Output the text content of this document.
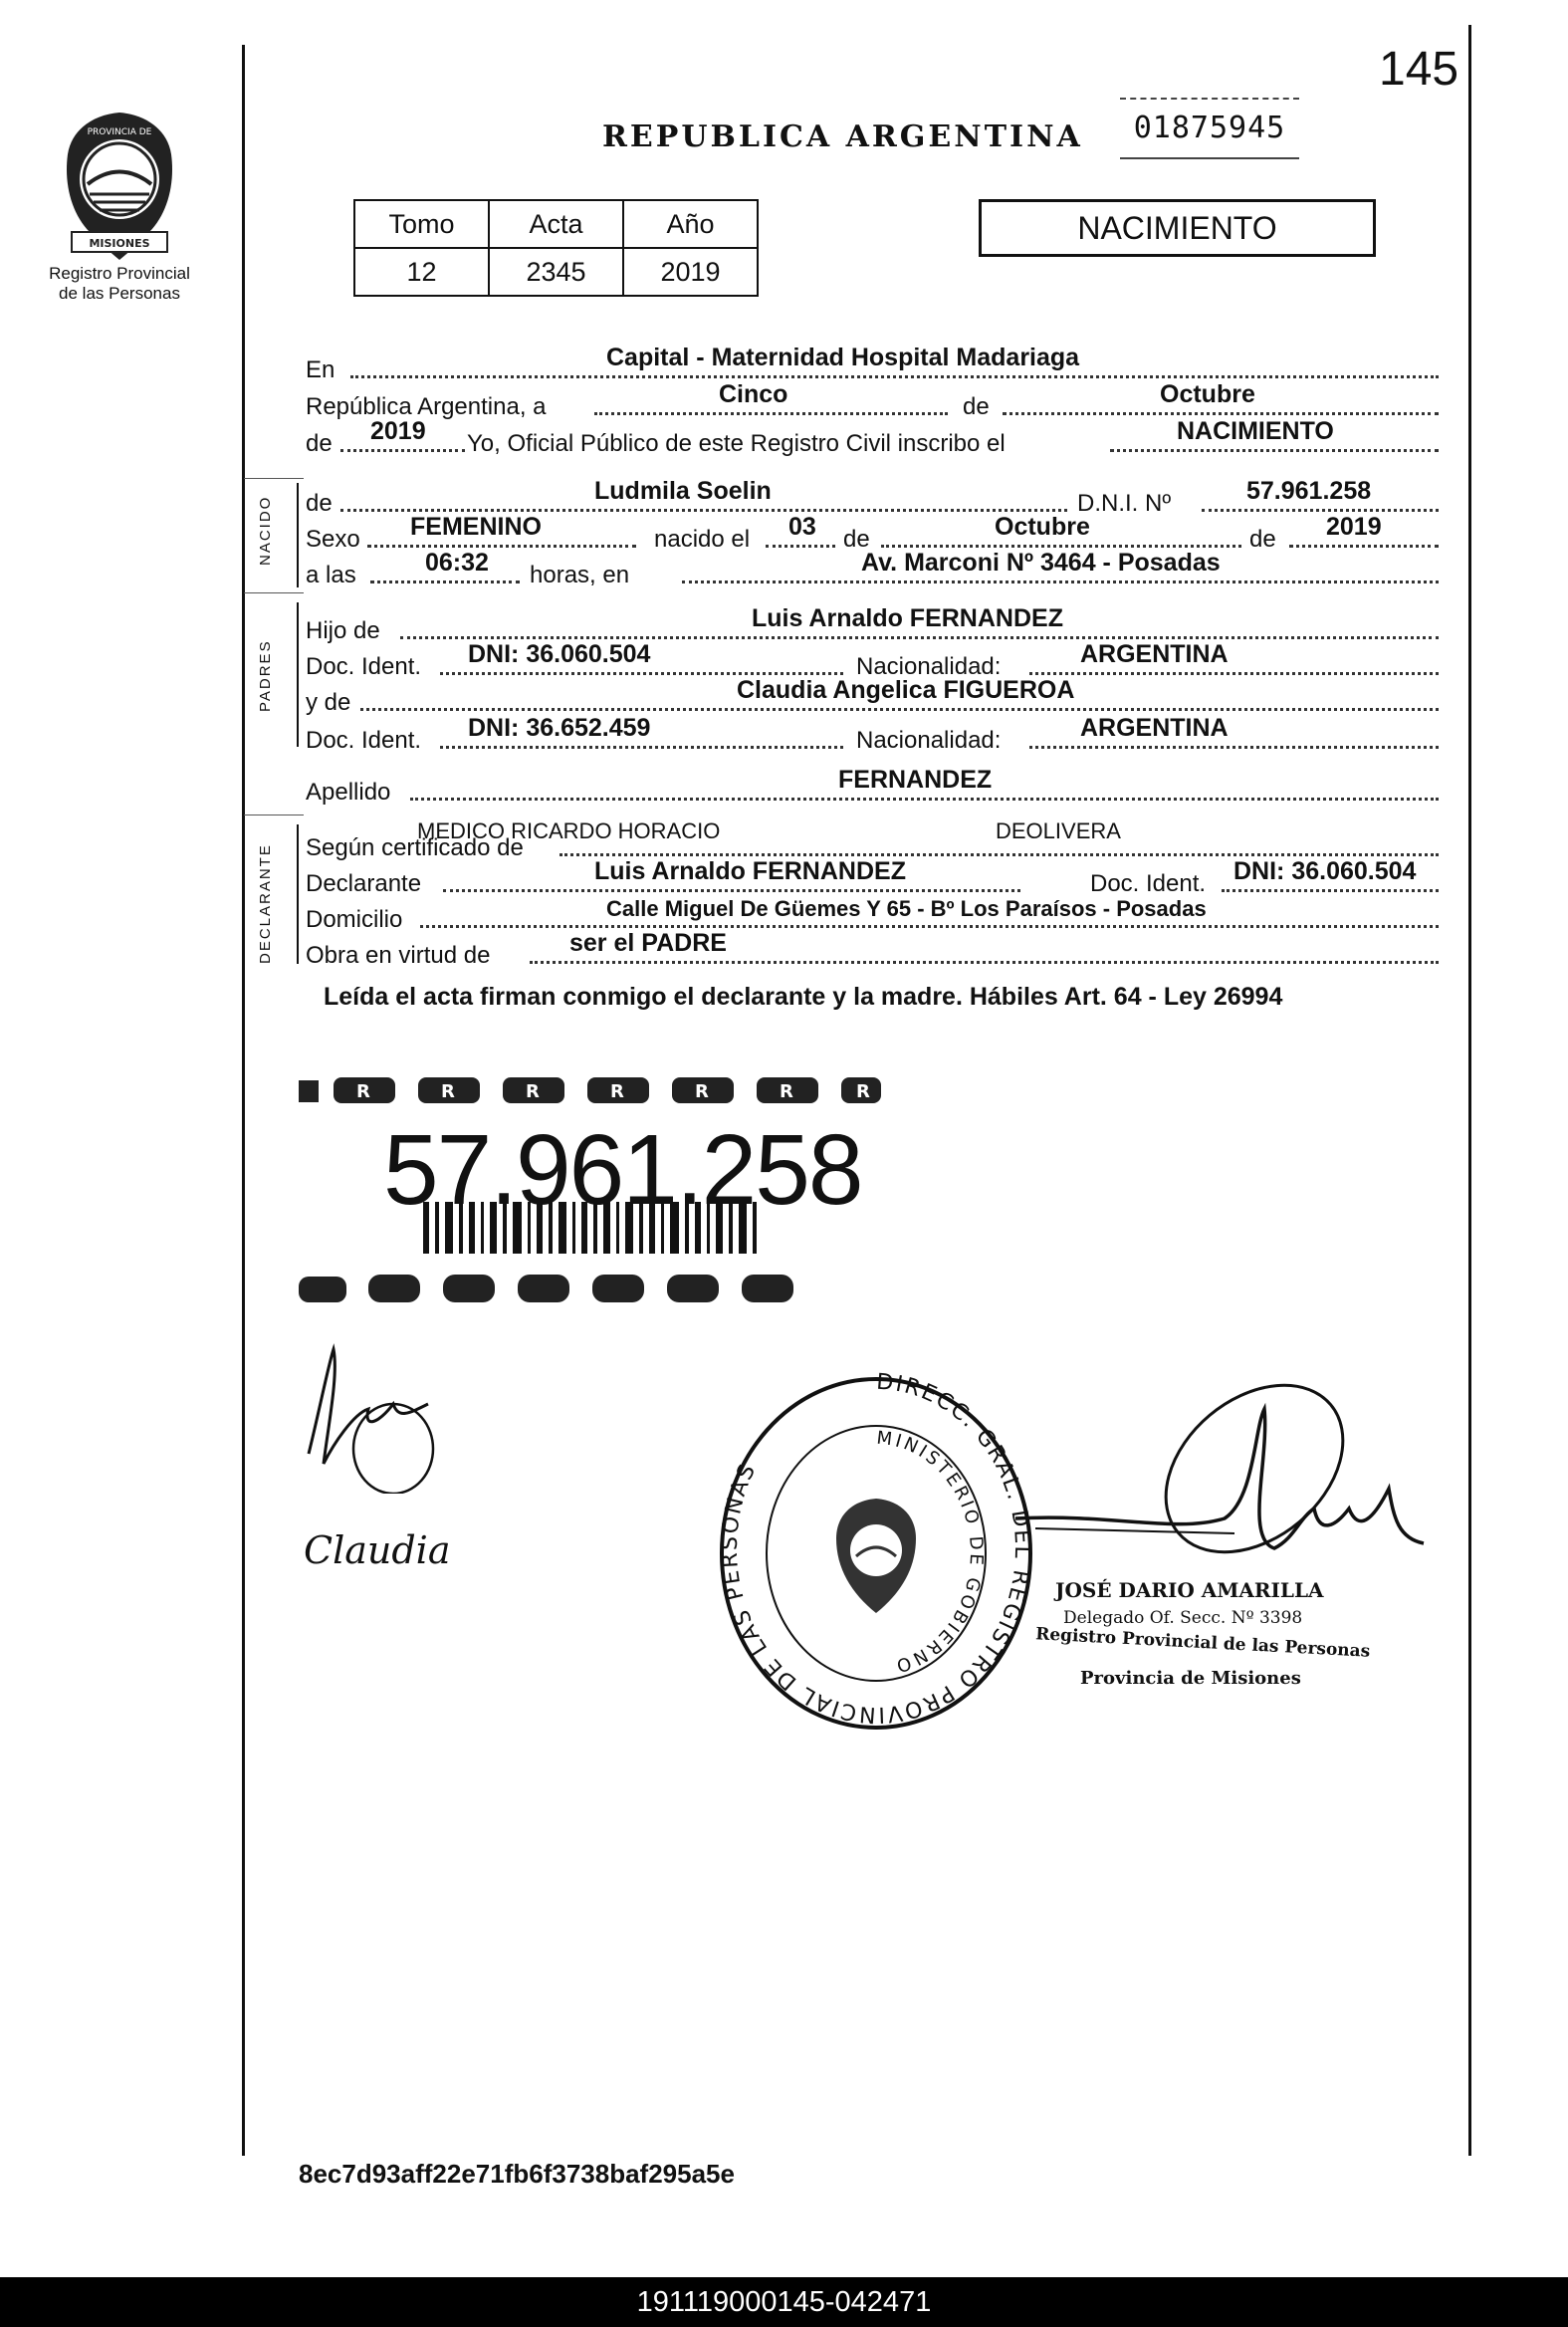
MISIONES
PROVINCIA DE
Registro Provincial
de las Personas
145
01875945
REPUBLICA ARGENTINA
Tomo	Acta	Año
12	2345	2019
NACIMIENTO
NACIDO
PADRES
DECLARANTE
En	Capital - Maternidad Hospital Madariaga
República Argentina, a	Cinco	de	Octubre
de 2019 Yo, Oficial Público de este Registro Civil inscribo el	NACIMIENTO
de	Ludmila Soelin	D.N.I. Nº	57.961.258
Sexo FEMENINO	nacido el 03 de	Octubre	de 2019
a las	06:32 horas, en	Av. Marconi Nº 3464 - Posadas
Hijo de	Luis Arnaldo FERNANDEZ
Doc. Ident. DNI: 36.060.504	Nacionalidad:	ARGENTINA
y de	Claudia Angelica FIGUEROA
Doc. Ident. DNI: 36.652.459	Nacionalidad:	ARGENTINA
Apellido	FERNANDEZ
Según certificado de
MEDICO RICARDO HORACIO	DEOLIVERA
Declarante	Luis Arnaldo FERNANDEZ	Doc. Ident. DNI: 36.060.504
Domicilio	Calle Miguel De Güemes Y 65 - Bº Los Paraísos - Posadas
Obra en virtud de	ser el PADRE
Leída el acta firman conmigo el declarante y la madre. Hábiles Art. 64 - Ley 26994
R	R	R	R	R	R	R
57.961.258
Claudia
DIRECC. GRAL. DEL REGISTRO PROVINCIAL DE LAS PERSONAS
MINISTERIO DE GOBIERNO
JOSÉ DARIO AMARILLA
Delegado Of. Secc. Nº 3398
Registro Provincial de las Personas
Provincia de Misiones
8ec7d93aff22e71fb6f3738baf295a5e
191119000145-042471
